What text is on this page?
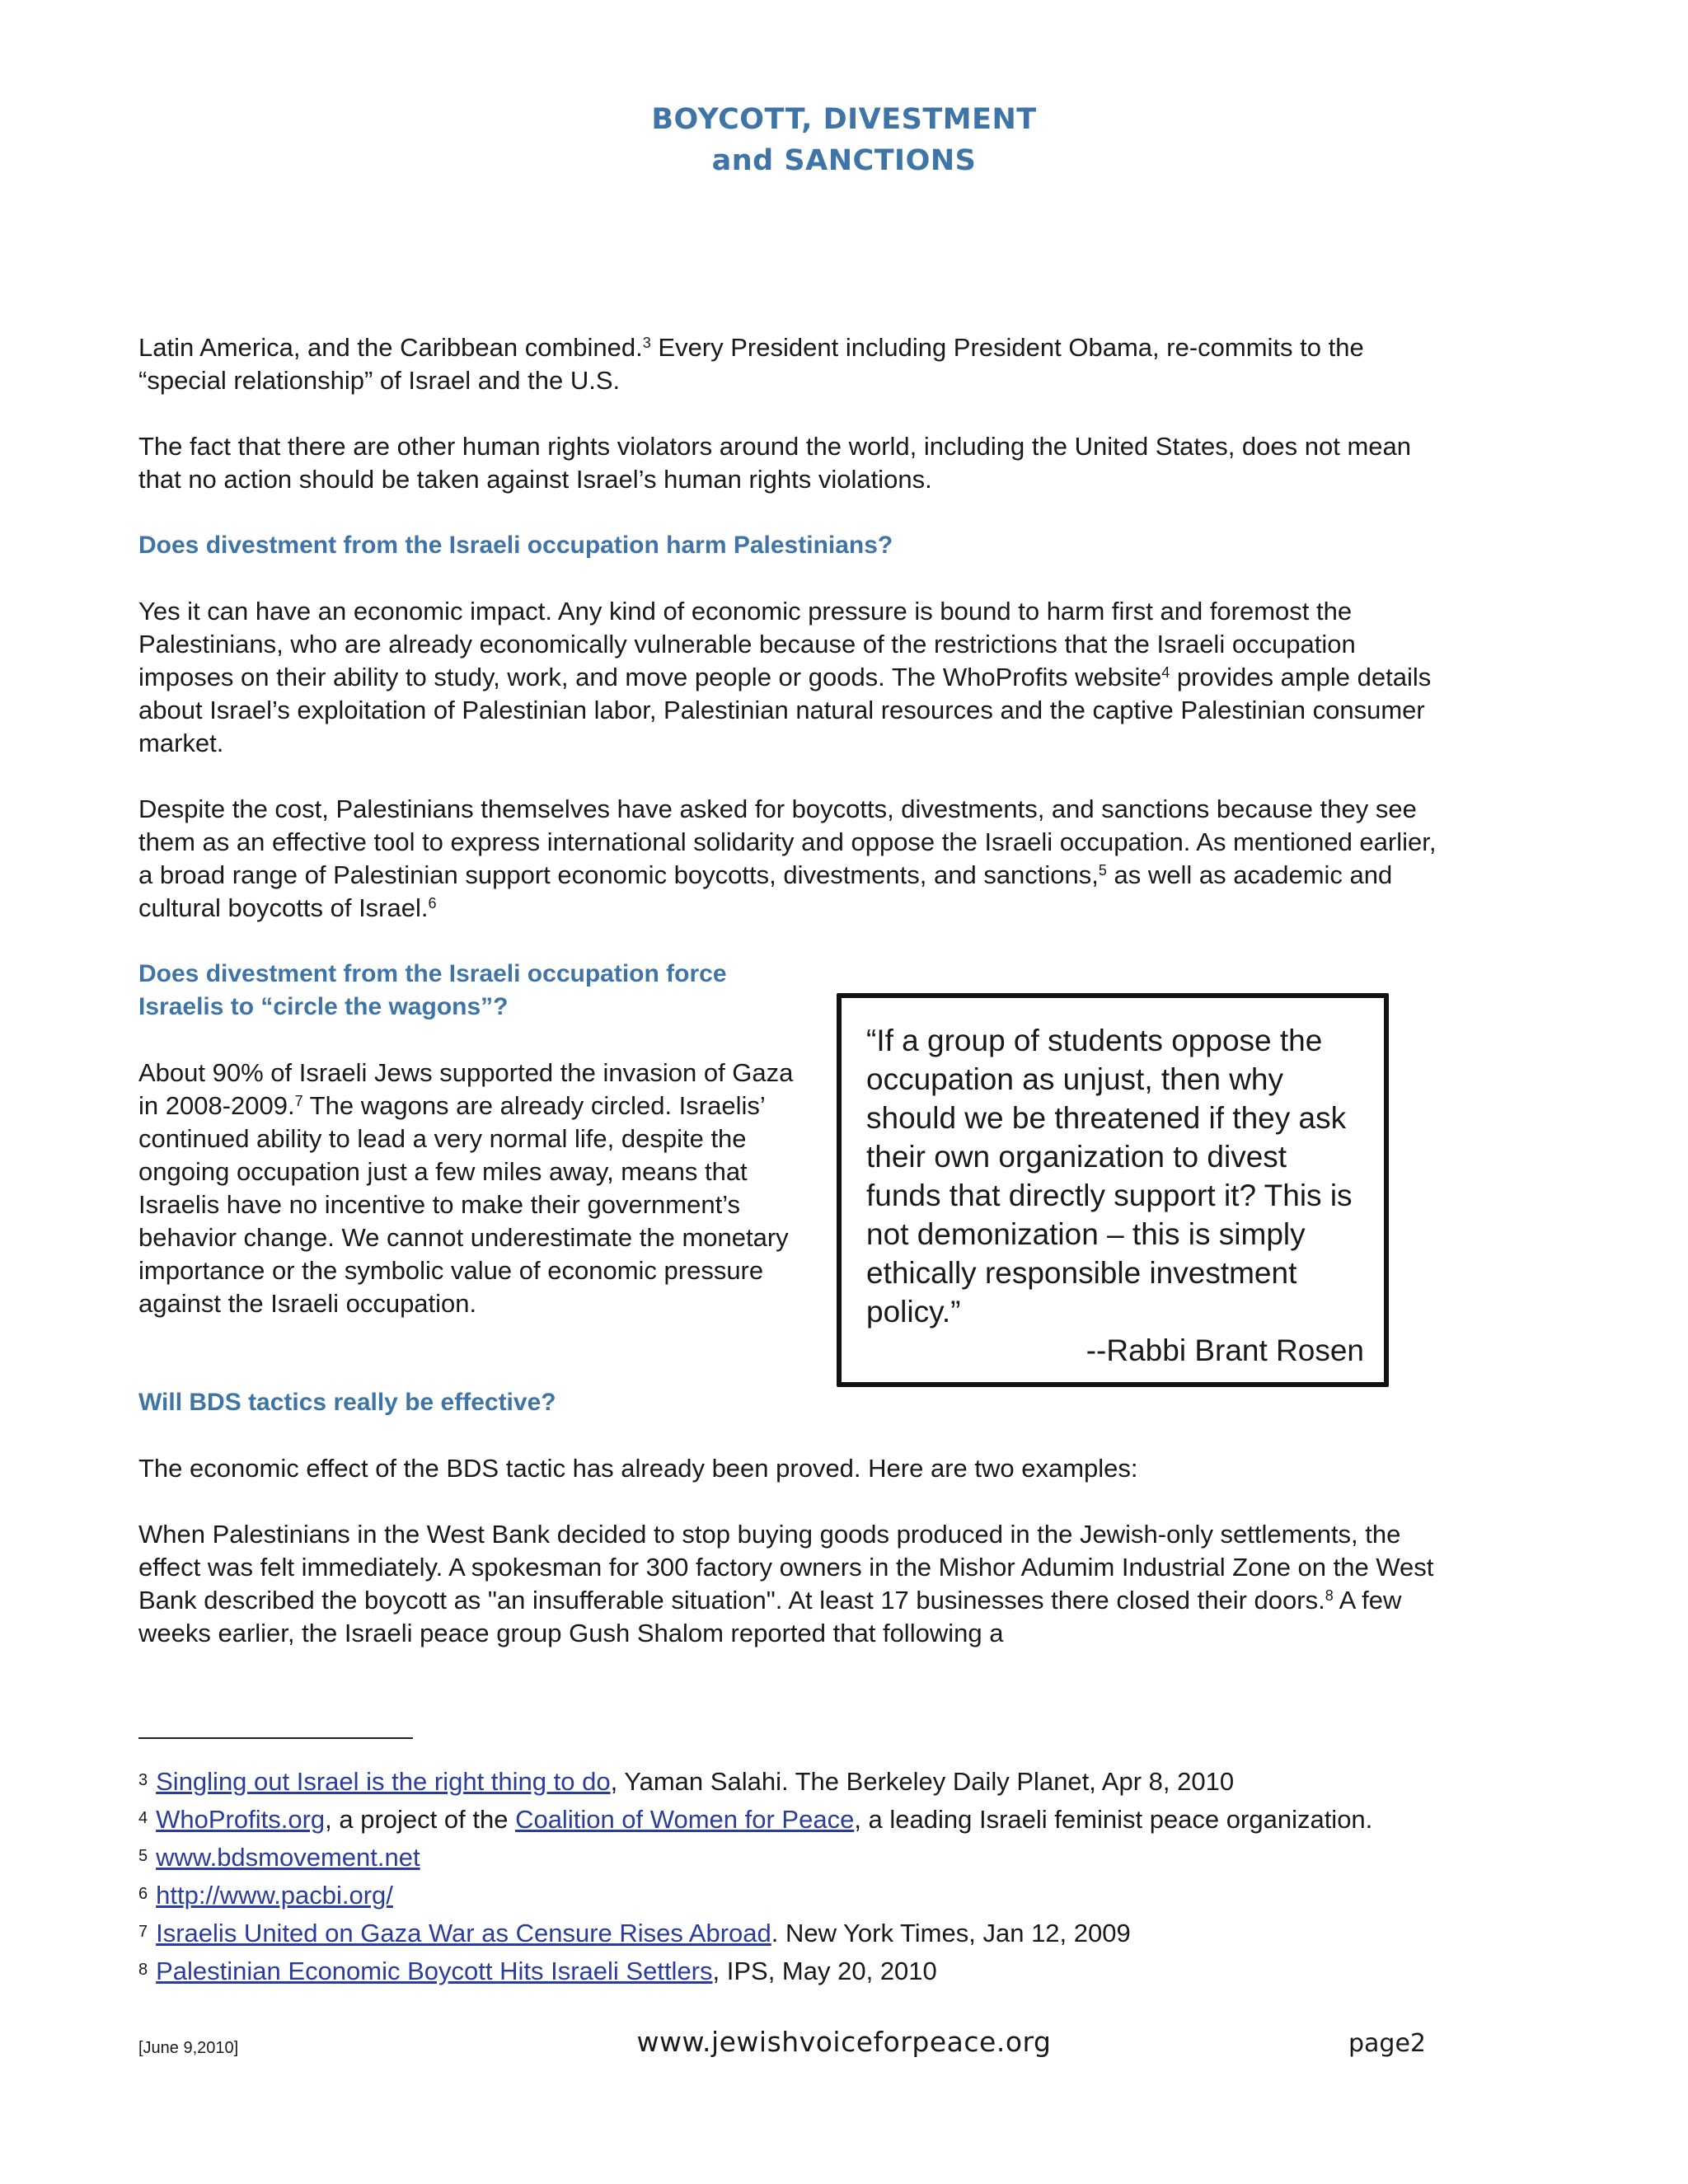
BOYCOTT, DIVESTMENT
and SANCTIONS

Latin America, and the Caribbean combined.$^3$ Every President including President Obama, re-commits to the “special relationship” of Israel and the U.S.

The fact that there are other human rights violators around the world, including the United States, does not mean that no action should be taken against Israel’s human rights violations.

Does divestment from the Israeli occupation harm Palestinians?

Yes it can have an economic impact. Any kind of economic pressure is bound to harm first and foremost the Palestinians, who are already economically vulnerable because of the restrictions that the Israeli occupation imposes on their ability to study, work, and move people or goods. The WhoProfits website$^4$ provides ample details about Israel’s exploitation of Palestinian labor, Palestinian natural resources and the captive Palestinian consumer market.

Despite the cost, Palestinians themselves have asked for boycotts, divestments, and sanctions because they see them as an effective tool to express international solidarity and oppose the Israeli occupation. As mentioned earlier, a broad range of Palestinian support economic boycotts, divestments, and sanctions,$^5$ as well as academic and cultural boycotts of Israel.$^6$

Does divestment from the Israeli occupation force
Israelis to “circle the wagons”?

About 90% of Israeli Jews supported the invasion of Gaza in 2008-2009.$^7$ The wagons are already circled. Israelis’ continued ability to lead a very normal life, despite the ongoing occupation just a few miles away, means that Israelis have no incentive to make their government’s behavior change. We cannot underestimate the monetary importance or the symbolic value of economic pressure against the Israeli occupation.

“If a group of students oppose the occupation as unjust, then why should we be threatened if they ask their own organization to divest funds that directly support it? This is not demonization – this is simply ethically responsible investment policy.”

--Rabbi Brant Rosen

Will BDS tactics really be effective?

The economic effect of the BDS tactic has already been proved. Here are two examples:

When Palestinians in the West Bank decided to stop buying goods produced in the Jewish-only settlements, the effect was felt immediately. A spokesman for 300 factory owners in the Mishor Adumim Industrial Zone on the West Bank described the boycott as "an insufferable situation". At least 17 businesses there closed their doors.$^8$ A few weeks earlier, the Israeli peace group Gush Shalom reported that following a

3 Singling out Israel is the right thing to do, Yaman Salahi. The Berkeley Daily Planet, Apr 8, 2010

4 WhoProfits.org, a project of the Coalition of Women for Peace, a leading Israeli feminist peace organization.

5 www.bdsmovement.net

6 http://www.pacbi.org/

7 Israelis United on Gaza War as Censure Rises Abroad. New York Times, Jan 12, 2009

8 Palestinian Economic Boycott Hits Israeli Settlers, IPS, May 20, 2010

[June 9,2010]	www.jewishvoiceforpeace.org	page2
